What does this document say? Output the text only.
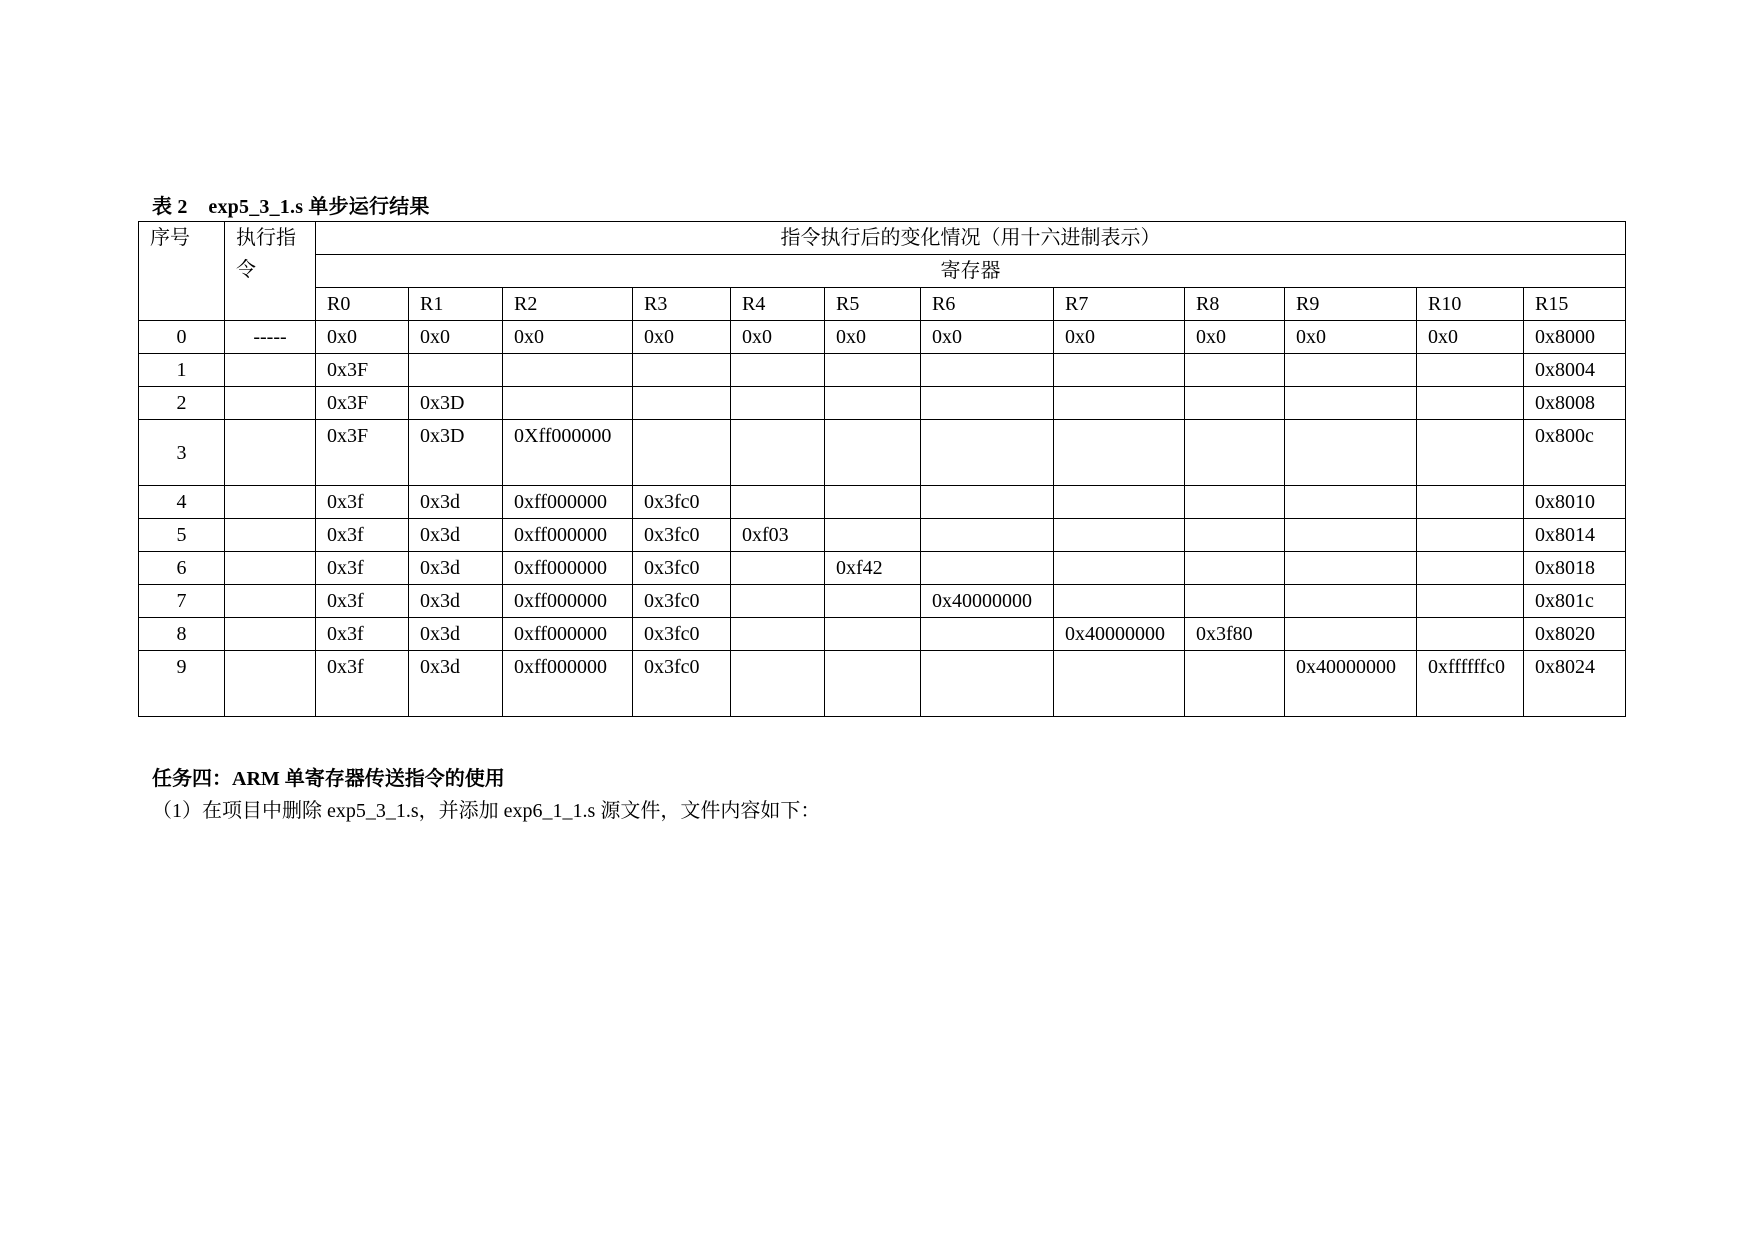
表 2    exp5_3_1.s 单步运行结果
序号	执行指令	指令执行后的变化情况（用十六进制表示）											
		寄存器											
		R0	R1	R2	R3	R4	R5	R6	R7	R8	R9	R10	R15
0	-----	0x0	0x0	0x0	0x0	0x0	0x0	0x0	0x0	0x0	0x0	0x0	0x8000
1		0x3F											0x8004
2		0x3F	0x3D										0x8008
3		0x3F	0x3D	0Xff000000									0x800c
4		0x3f	0x3d	0xff000000	0x3fc0								0x8010
5		0x3f	0x3d	0xff000000	0x3fc0	0xf03							0x8014
6		0x3f	0x3d	0xff000000	0x3fc0		0xf42						0x8018
7		0x3f	0x3d	0xff000000	0x3fc0			0x40000000					0x801c
8		0x3f	0x3d	0xff000000	0x3fc0				0x40000000	0x3f80			0x8020
9		0x3f	0x3d	0xff000000	0x3fc0						0x40000000	0xffffffc0	0x8024
任务四：ARM 单寄存器传送指令的使用
（1）在项目中删除 exp5_3_1.s，并添加 exp6_1_1.s 源文件，文件内容如下：
